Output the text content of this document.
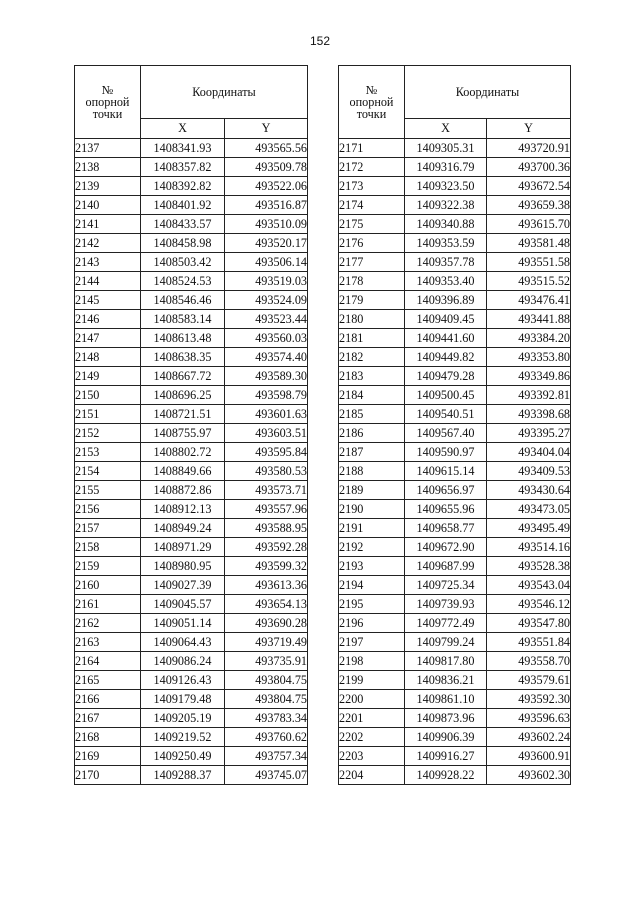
152
№
опорной
точки	Координаты	
	X	Y
2137	1408341.93	493565.56
2138	1408357.82	493509.78
2139	1408392.82	493522.06
2140	1408401.92	493516.87
2141	1408433.57	493510.09
2142	1408458.98	493520.17
2143	1408503.42	493506.14
2144	1408524.53	493519.03
2145	1408546.46	493524.09
2146	1408583.14	493523.44
2147	1408613.48	493560.03
2148	1408638.35	493574.40
2149	1408667.72	493589.30
2150	1408696.25	493598.79
2151	1408721.51	493601.63
2152	1408755.97	493603.51
2153	1408802.72	493595.84
2154	1408849.66	493580.53
2155	1408872.86	493573.71
2156	1408912.13	493557.96
2157	1408949.24	493588.95
2158	1408971.29	493592.28
2159	1408980.95	493599.32
2160	1409027.39	493613.36
2161	1409045.57	493654.13
2162	1409051.14	493690.28
2163	1409064.43	493719.49
2164	1409086.24	493735.91
2165	1409126.43	493804.75
2166	1409179.48	493804.75
2167	1409205.19	493783.34
2168	1409219.52	493760.62
2169	1409250.49	493757.34
2170	1409288.37	493745.07
№
опорной
точки	Координаты	
	X	Y
2171	1409305.31	493720.91
2172	1409316.79	493700.36
2173	1409323.50	493672.54
2174	1409322.38	493659.38
2175	1409340.88	493615.70
2176	1409353.59	493581.48
2177	1409357.78	493551.58
2178	1409353.40	493515.52
2179	1409396.89	493476.41
2180	1409409.45	493441.88
2181	1409441.60	493384.20
2182	1409449.82	493353.80
2183	1409479.28	493349.86
2184	1409500.45	493392.81
2185	1409540.51	493398.68
2186	1409567.40	493395.27
2187	1409590.97	493404.04
2188	1409615.14	493409.53
2189	1409656.97	493430.64
2190	1409655.96	493473.05
2191	1409658.77	493495.49
2192	1409672.90	493514.16
2193	1409687.99	493528.38
2194	1409725.34	493543.04
2195	1409739.93	493546.12
2196	1409772.49	493547.80
2197	1409799.24	493551.84
2198	1409817.80	493558.70
2199	1409836.21	493579.61
2200	1409861.10	493592.30
2201	1409873.96	493596.63
2202	1409906.39	493602.24
2203	1409916.27	493600.91
2204	1409928.22	493602.30
